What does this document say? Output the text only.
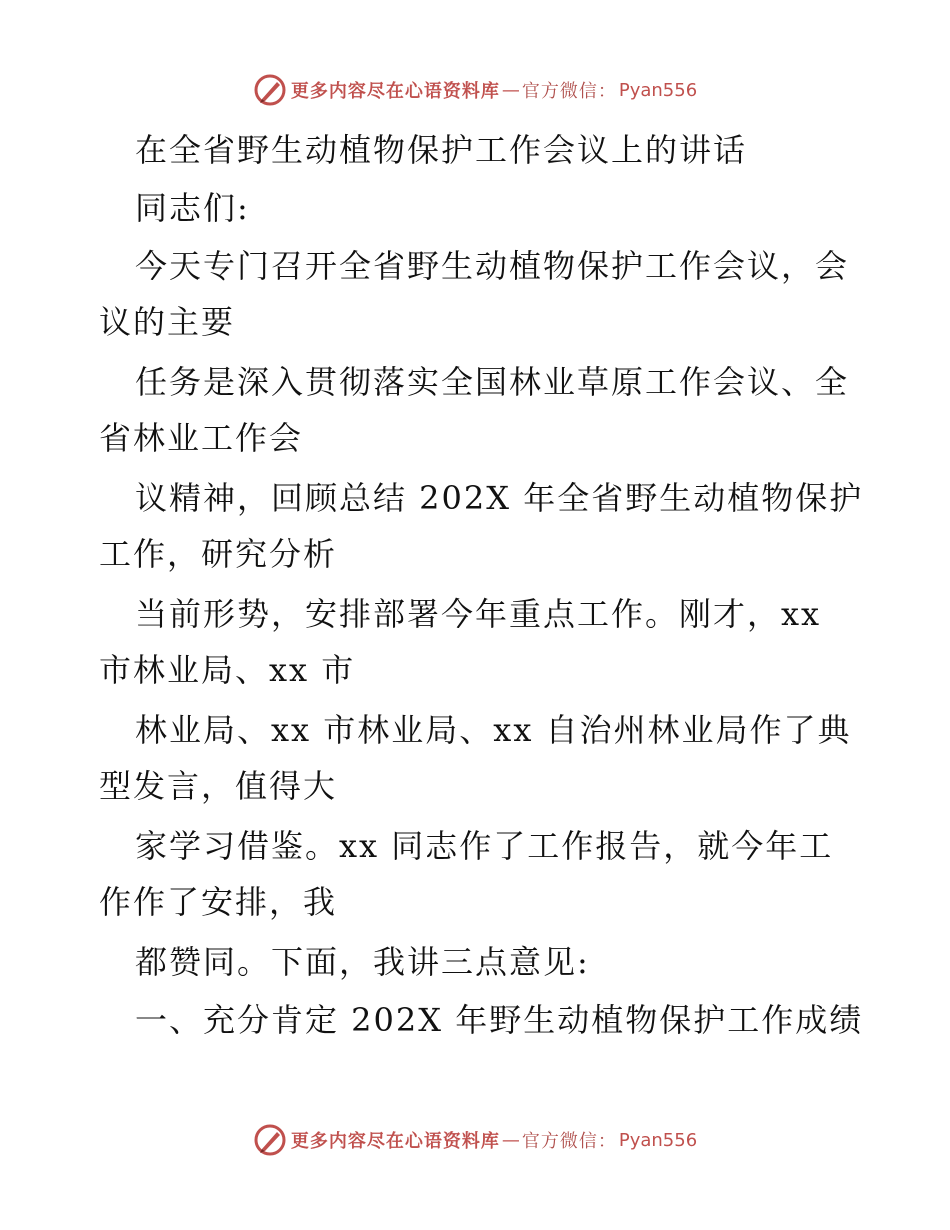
更多内容尽在心语资料库 — 官方微信： Pyan556
在全省野生动植物保护工作会议上的讲话
同志们:
今天专门召开全省野生动植物保护工作会议，会
议的主要
任务是深入贯彻落实全国林业草原工作会议、全
省林业工作会
议精神，回顾总结 202X 年全省野生动植物保护
工作，研究分析
当前形势，安排部署今年重点工作。刚才，xx
市林业局、xx 市
林业局、xx 市林业局、xx 自治州林业局作了典
型发言，值得大
家学习借鉴。xx 同志作了工作报告，就今年工
作作了安排，我
都赞同。下面，我讲三点意见:
一、充分肯定 202X 年野生动植物保护工作成绩
更多内容尽在心语资料库 — 官方微信： Pyan556
